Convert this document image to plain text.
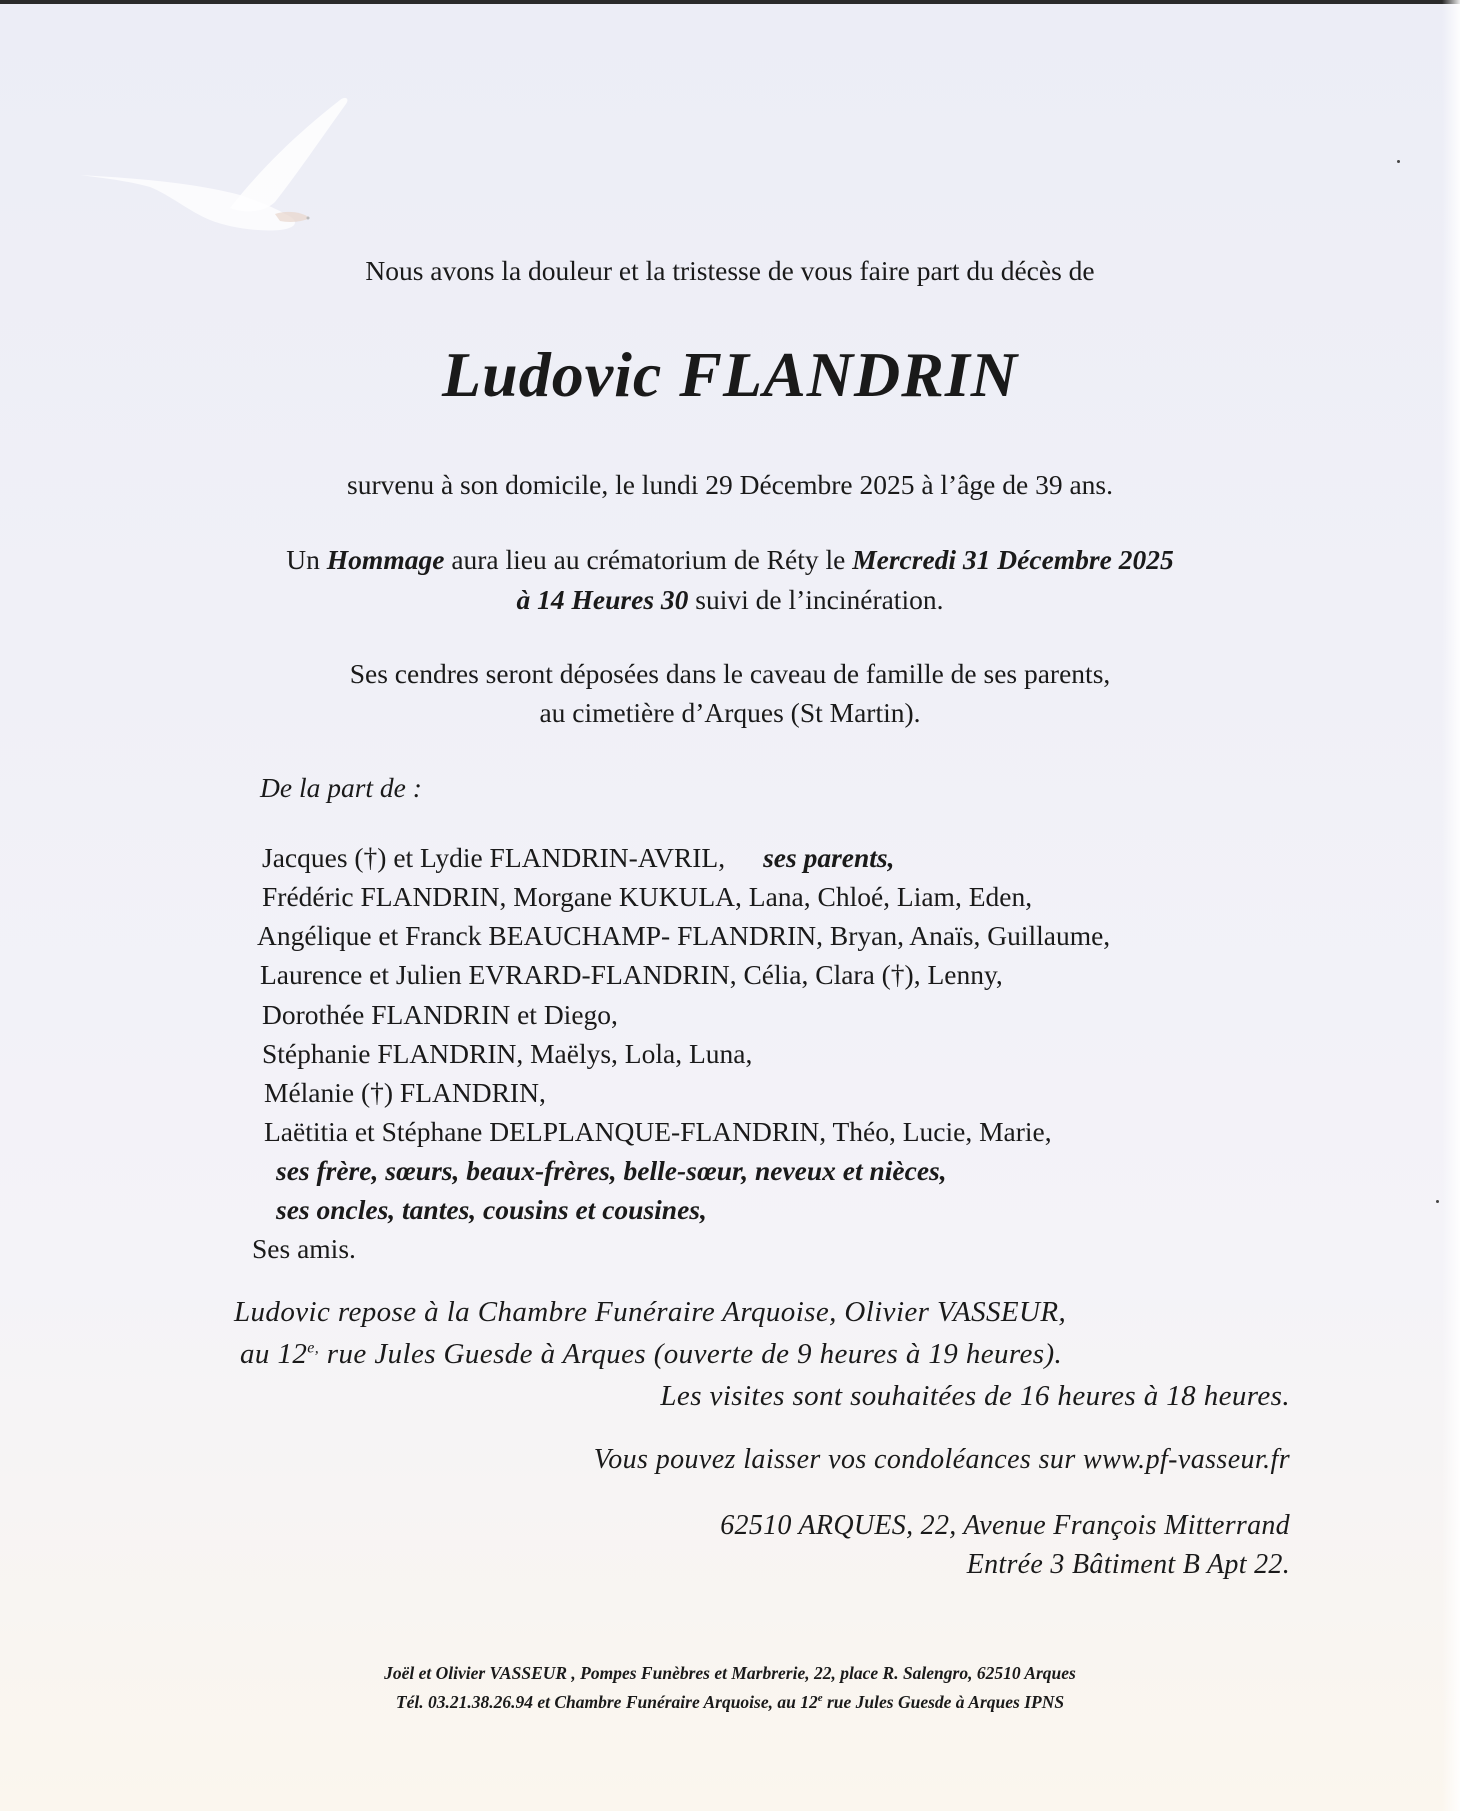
Nous avons la douleur et la tristesse de vous faire part du décès de
Ludovic FLANDRIN
survenu à son domicile, le lundi 29 Décembre 2025 à l’âge de 39 ans.
Un Hommage aura lieu au crématorium de Réty le Mercredi 31 Décembre 2025
à 14 Heures 30 suivi de l’incinération.
Ses cendres seront déposées dans le caveau de famille de ses parents,
au cimetière d’Arques (St Martin).
De la part de :
Jacques (†) et Lydie FLANDRIN-AVRIL, ses parents,
Frédéric FLANDRIN, Morgane KUKULA, Lana, Chloé, Liam, Eden,
Angélique et Franck BEAUCHAMP- FLANDRIN, Bryan, Anaïs, Guillaume,
Laurence et Julien EVRARD-FLANDRIN, Célia, Clara (†), Lenny,
Dorothée FLANDRIN et Diego,
Stéphanie FLANDRIN, Maëlys, Lola, Luna,
Mélanie (†) FLANDRIN,
Laëtitia et Stéphane DELPLANQUE-FLANDRIN, Théo, Lucie, Marie,
ses frère, sœurs, beaux-frères, belle-sœur, neveux et nièces,
ses oncles, tantes, cousins et cousines,
Ses amis.
Ludovic repose à la Chambre Funéraire Arquoise, Olivier VASSEUR,
au $12^{e,}$ rue Jules Guesde à Arques (ouverte de 9 heures à 19 heures).
Les visites sont souhaitées de 16 heures à 18 heures.
Vous pouvez laisser vos condoléances sur www.pf-vasseur.fr
62510 ARQUES, 22, Avenue François Mitterrand
Entrée 3 Bâtiment B Apt 22.
Joël et Olivier VASSEUR , Pompes Funèbres et Marbrerie, 22, place R. Salengro, 62510 Arques
Tél. 03.21.38.26.94 et Chambre Funéraire Arquoise, au 12e rue Jules Guesde à Arques IPNS
